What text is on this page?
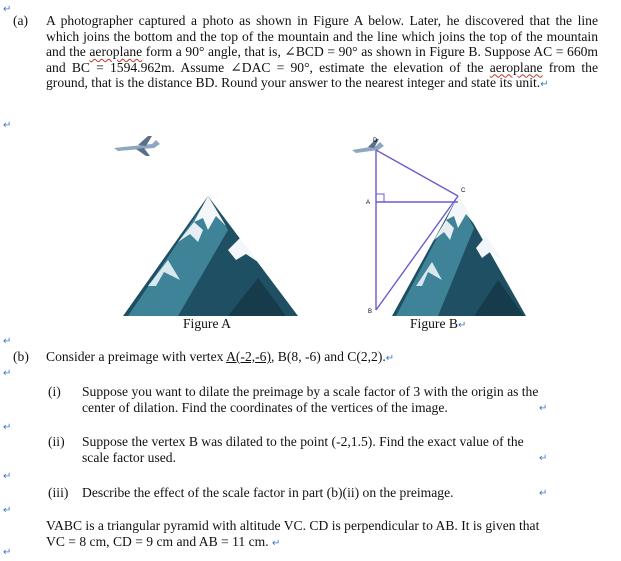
↵
(a) A photographer captured a photo as shown in Figure A below. Later, he discovered that the line which joins the bottom and the top of the mountain and the line which joins the top of the mountain and the aeroplane form a 90° angle, that is, ∠BCD = 90° as shown in Figure B. Suppose AC = 660m and BC = 1594.962m. Assume ∠DAC = 90°, estimate the elevation of the aeroplane from the ground, that is the distance BD. Round your answer to the nearest integer and state its unit.↵
↵
Figure A
D
C
A
B
Figure B↵
↵
(b) Consider a preimage with vertex A(-2,-6), B(8, -6) and C(2,2).↵
↵
(i) Suppose you want to dilate the preimage by a scale factor of 3 with the origin as the
center of dilation. Find the coordinates of the vertices of the image.	↵
↵
(ii) Suppose the vertex B was dilated to the point (-2,1.5). Find the exact value of the
scale factor used.	↵
↵
(iii) Describe the effect of the scale factor in part (b)(ii) on the preimage.	↵
↵
VABC is a triangular pyramid with altitude VC. CD is perpendicular to AB. It is given that
VC = 8 cm, CD = 9 cm and AB = 11 cm. ↵
↵
